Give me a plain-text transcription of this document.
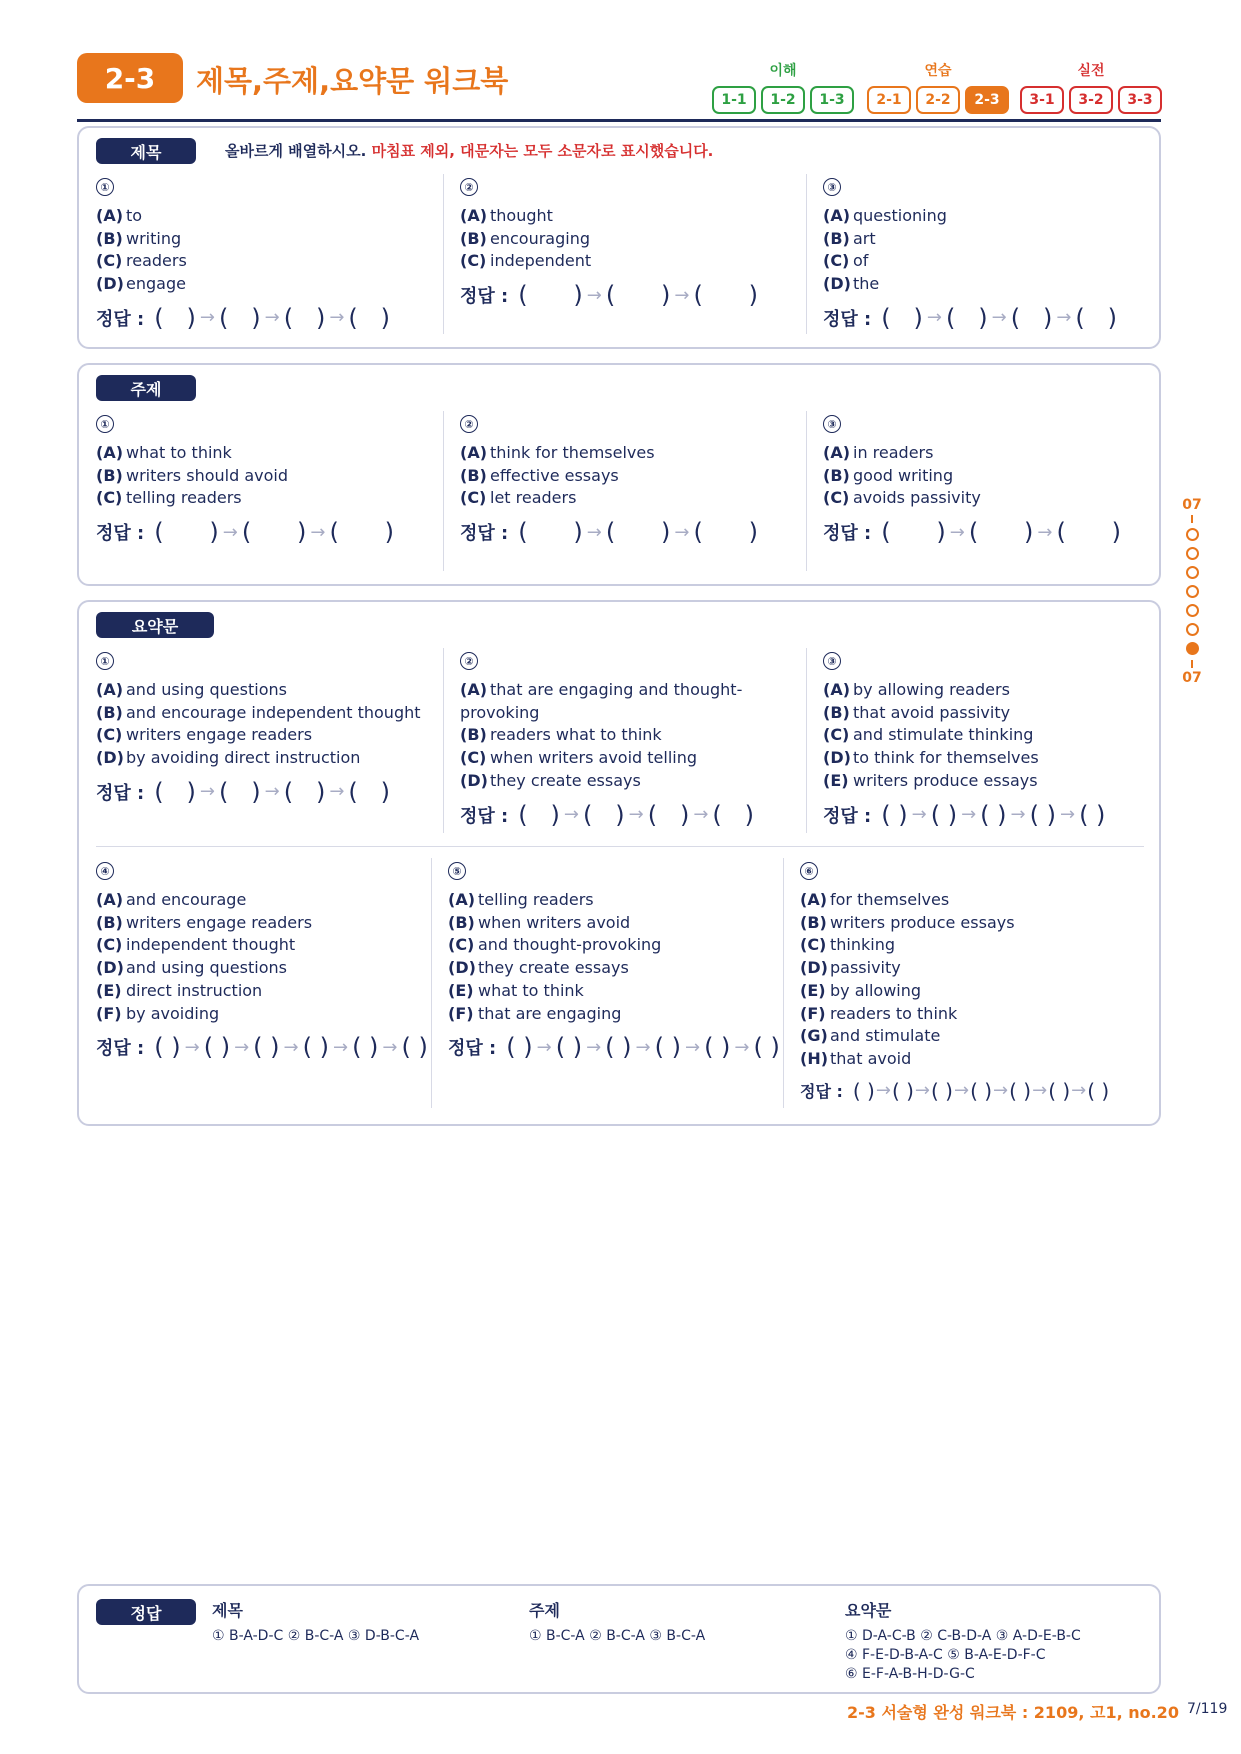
2-3	제목,주제,요약문 워크북	이해
1-1	1-2	1-3
연습
2-1	2-2	2-3
실전
3-1	3-2	3-3
제목	올바르게 배열하시오. 마침표 제외, 대문자는 모두 소문자로 표시했습니다.
①
(A) to
(B) writing
(C) readers
(D) engage
정답 : (   ) → (   ) → (   ) → (   )
②
(A) thought
(B) encouraging
(C) independent
정답 : (      ) → (      ) → (      )
③
(A) questioning
(B) art
(C) of
(D) the
정답 : (   ) → (   ) → (   ) → (   )
주제
①
(A) what to think
(B) writers should avoid
(C) telling readers
정답 : (      ) → (      ) → (      )
②
(A) think for themselves
(B) effective essays
(C) let readers
정답 : (      ) → (      ) → (      )
③
(A) in readers
(B) good writing
(C) avoids passivity
정답 : (      ) → (      ) → (      )
요약문
①
(A) and using questions
(B) and encourage independent thought
(C) writers engage readers
(D) by avoiding direct instruction
정답 : (   ) → (   ) → (   ) → (   )
②
(A) that are engaging and thought-
provoking
(B) readers what to think
(C) when writers avoid telling
(D) they create essays
정답 : (   ) → (   ) → (   ) → (   )
③
(A) by allowing readers
(B) that avoid passivity
(C) and stimulate thinking
(D) to think for themselves
(E) writers produce essays
정답 : ( ) → ( ) → ( ) → ( ) → ( )
④
(A) and encourage
(B) writers engage readers
(C) independent thought
(D) and using questions
(E) direct instruction
(F) by avoiding
정답 : ( ) → ( ) → ( ) → ( ) → ( ) → ( )
⑤
(A) telling readers
(B) when writers avoid
(C) and thought-provoking
(D) they create essays
(E) what to think
(F) that are engaging
정답 : ( ) → ( ) → ( ) → ( ) → ( ) → ( )
⑥
(A) for themselves
(B) writers produce essays
(C) thinking
(D) passivity
(E) by allowing
(F) readers to think
(G) and stimulate
(H) that avoid
정답 : ( ) → ( ) → ( ) → ( ) → ( ) → ( ) → ( )
07
07
정답	제목
① B-A-D-C ② B-C-A ③ D-B-C-A
주제
① B-C-A ② B-C-A ③ B-C-A
요약문
① D-A-C-B ② C-B-D-A ③ A-D-E-B-C
④ F-E-D-B-A-C ⑤ B-A-E-D-F-C
⑥ E-F-A-B-H-D-G-C
2-3 서술형 완성 워크북 : 2109, 고1, no.20 7/119
